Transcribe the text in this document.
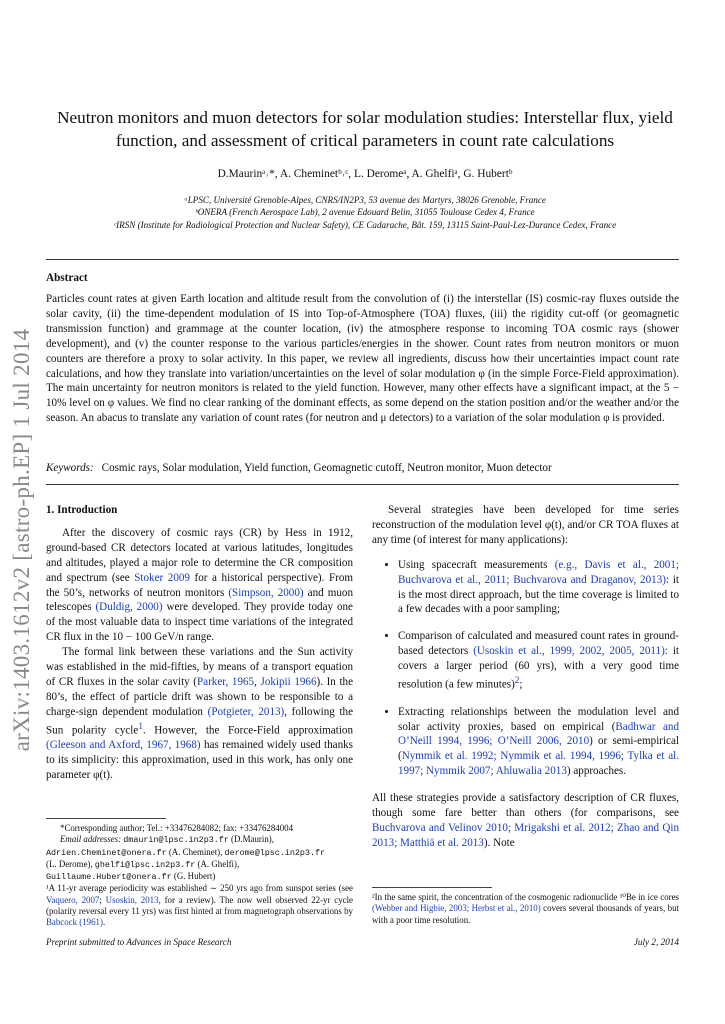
arXiv:1403.1612v2 [astro-ph.EP] 1 Jul 2014
Neutron monitors and muon detectors for solar modulation studies: Interstellar flux, yield function, and assessment of critical parameters in count rate calculations
D.Maurinᵃ˒*, A. Cheminetᵇ˒ᶜ, L. Deromeᵃ, A. Ghelfiᵃ, G. Hubertᵇ
ᵃLPSC, Université Grenoble-Alpes, CNRS/IN2P3, 53 avenue des Martyrs, 38026 Grenoble, France
ᵇONERA (French Aerospace Lab), 2 avenue Edouard Belin, 31055 Toulouse Cedex 4, France
ᶜIRSN (Institute for Radiological Protection and Nuclear Safety), CE Cadarache, Bât. 159, 13115 Saint-Paul-Lez-Durance Cedex, France
Abstract
Particles count rates at given Earth location and altitude result from the convolution of (i) the interstellar (IS) cosmic-ray fluxes outside the solar cavity, (ii) the time-dependent modulation of IS into Top-of-Atmosphere (TOA) fluxes, (iii) the rigidity cut-off (or geomagnetic transmission function) and grammage at the counter location, (iv) the atmosphere response to incoming TOA cosmic rays (shower development), and (v) the counter response to the various particles/energies in the shower. Count rates from neutron monitors or muon counters are therefore a proxy to solar activity. In this paper, we review all ingredients, discuss how their uncertainties impact count rate calculations, and how they translate into variation/uncertainties on the level of solar modulation φ (in the simple Force-Field approximation). The main uncertainty for neutron monitors is related to the yield function. However, many other effects have a significant impact, at the 5 − 10% level on φ values. We find no clear ranking of the dominant effects, as some depend on the station position and/or the weather and/or the season. An abacus to translate any variation of count rates (for neutron and μ detectors) to a variation of the solar modulation φ is provided.
Keywords: Cosmic rays, Solar modulation, Yield function, Geomagnetic cutoff, Neutron monitor, Muon detector
1. Introduction

After the discovery of cosmic rays (CR) by Hess in 1912, ground-based CR detectors located at various latitudes, longitudes and altitudes, played a major role to determine the CR composition and spectrum (see Stoker 2009 for a historical perspective). From the 50’s, networks of neutron monitors (Simpson, 2000) and muon telescopes (Duldig, 2000) were developed. They provide today one of the most valuable data to inspect time variations of the integrated CR flux in the 10 − 100 GeV/n range.

The formal link between these variations and the Sun activity was established in the mid-fifties, by means of a transport equation of CR fluxes in the solar cavity (Parker, 1965, Jokipii 1966). In the 80’s, the effect of particle drift was shown to be responsible to a charge-sign dependent modulation (Potgieter, 2013), following the Sun polarity cycle$^1$. However, the Force-Field approximation (Gleeson and Axford, 1967, 1968) has remained widely used thanks to its simplicity: this approximation, used in this work, has only one parameter φ(t).

Several strategies have been developed for time series reconstruction of the modulation level φ(t), and/or CR TOA fluxes at any time (of interest for many applications):

• Using spacecraft measurements (e.g., Davis et al., 2001; Buchvarova et al., 2011; Buchvarova and Draganov, 2013): it is the most direct approach, but the time coverage is limited to a few decades with a poor sampling;
• Comparison of calculated and measured count rates in ground-based detectors (Usoskin et al., 1999, 2002, 2005, 2011): it covers a larger period (60 yrs), with a very good time resolution (a few minutes)$^2$;
• Extracting relationships between the modulation level and solar activity proxies, based on empirical (Badhwar and O’Neill 1994, 1996; O’Neill 2006, 2010) or semi-empirical (Nymmik et al. 1992; Nymmik et al. 1994, 1996; Tylka et al. 1997; Nymmik 2007; Ahluwalia 2013) approaches.

All these strategies provide a satisfactory description of CR fluxes, though some fare better than others (for comparisons, see Buchvarova and Velinov 2010; Mrigakshi et al. 2012; Zhao and Qin 2013; Matthiä et al. 2013). Note

*Corresponding author; Tel.: +33476284082; fax: +33476284004
Email addresses: dmaurin@lpsc.in2p3.fr (D.Maurin),
Adrien.Cheminet@onera.fr (A. Cheminet), derome@lpsc.in2p3.fr
(L. Derome), ghelfi@lpsc.in2p3.fr (A. Ghelfi),
Guillaume.Hubert@onera.fr (G. Hubert)
¹A 11-yr average periodicity was established ∼ 250 yrs ago from sunspot series (see Vaquero, 2007; Usoskin, 2013, for a review). The now well observed 22-yr cycle (polarity reversal every 11 yrs) was first hinted at from magnetograph observations by Babcock (1961).
²In the same spirit, the concentration of the cosmogenic radionuclide ¹⁰Be in ice cores (Webber and Higbie, 2003; Herbst et al., 2010) covers several thousands of years, but with a poor time resolution.
Preprint submitted to Advances in Space Research	July 2, 2014
